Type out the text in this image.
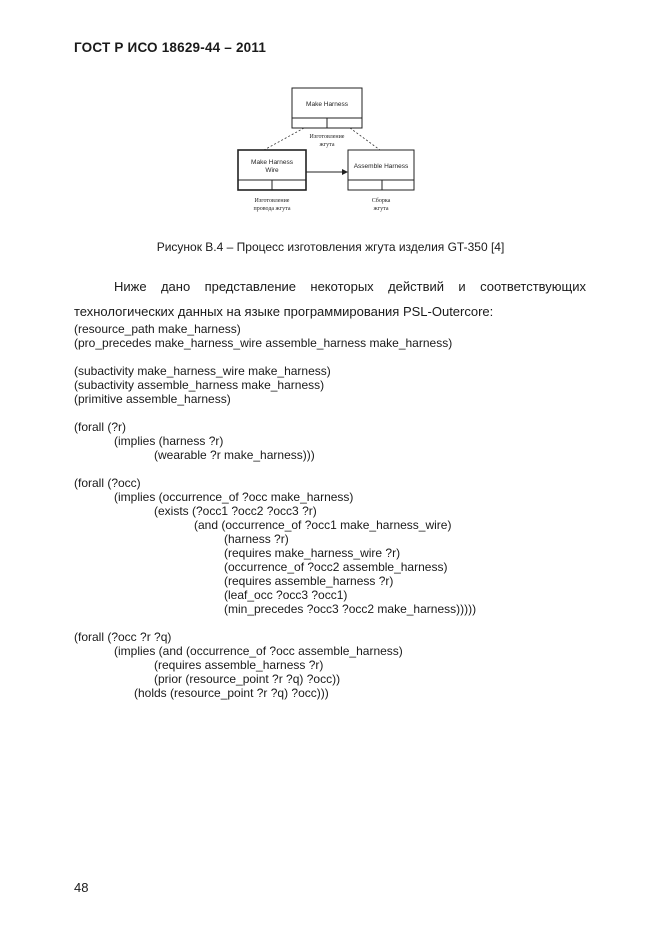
ГОСТ Р ИСО 18629-44 – 2011
Make Harness
Изготовление
жгута
Make Harness
Wire
Изготовление
провода жгута
Assemble Harness
Сборка
жгута
Рисунок B.4 – Процесс изготовления жгута изделия GT-350 [4]
Ниже дано представление некоторых действий и соответствующих
технологических данных на языке программирования PSL-Outercore:
(resource_path make_harness)
(pro_precedes make_harness_wire assemble_harness make_harness)
(subactivity make_harness_wire make_harness)
(subactivity assemble_harness make_harness)
(primitive assemble_harness)
(forall (?r)
(implies (harness ?r)
(wearable ?r make_harness)))
(forall (?occ)
(implies (occurrence_of ?occ make_harness)
(exists (?occ1 ?occ2 ?occ3 ?r)
(and (occurrence_of ?occ1 make_harness_wire)
(harness ?r)
(requires make_harness_wire ?r)
(occurrence_of ?occ2 assemble_harness)
(requires assemble_harness ?r)
(leaf_occ ?occ3 ?occ1)
(min_precedes ?occ3 ?occ2 make_harness)))))
(forall (?occ ?r ?q)
(implies (and (occurrence_of ?occ assemble_harness)
(requires assemble_harness ?r)
(prior (resource_point ?r ?q) ?occ))
(holds (resource_point ?r ?q) ?occ)))
48
